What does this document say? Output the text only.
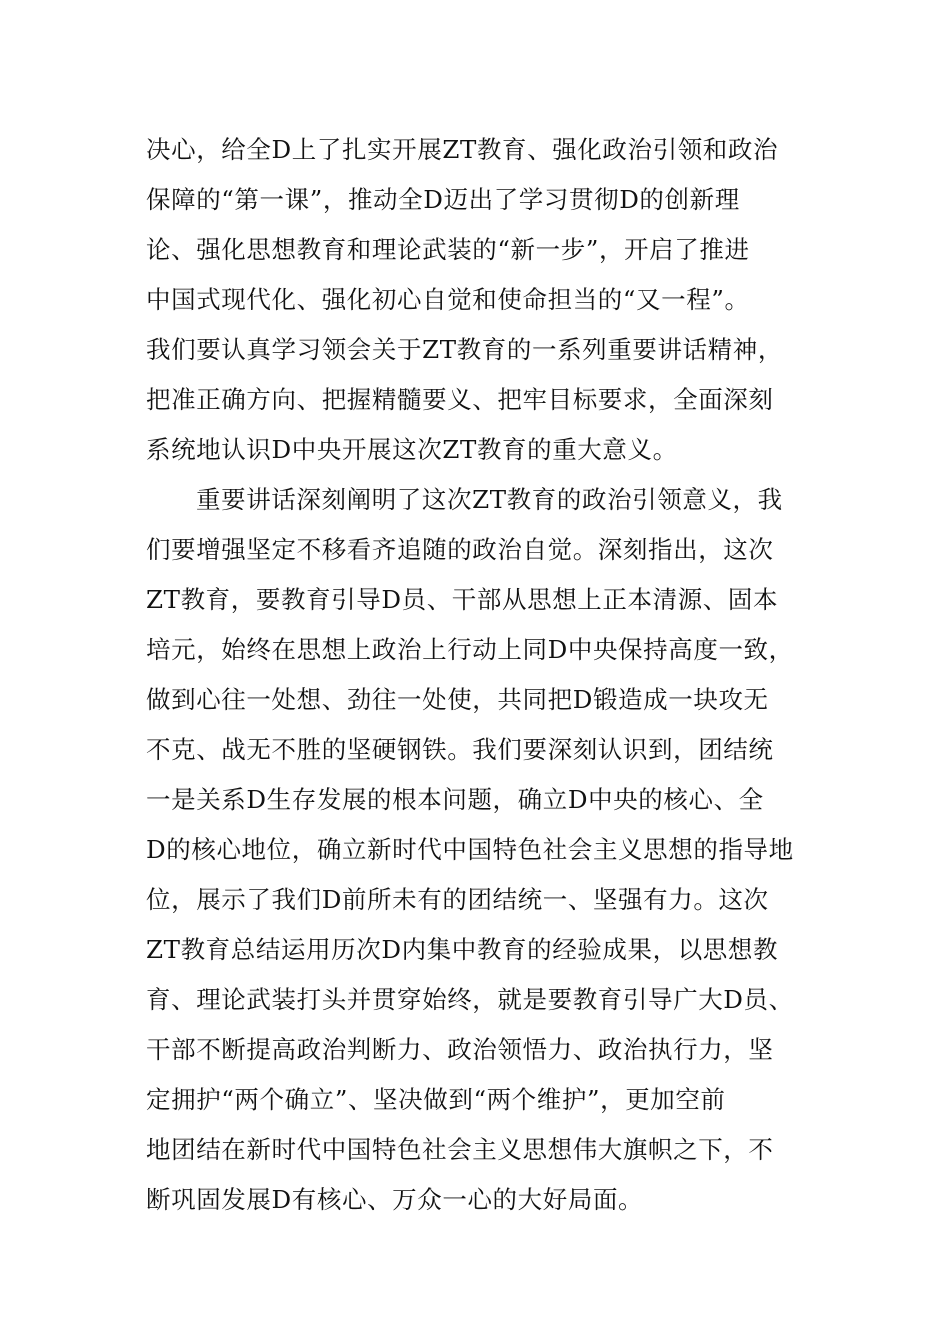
决心，给全D上了扎实开展ZT教育、强化政治引领和政治
保障的“第一课”，推动全D迈出了学习贯彻D的创新理
论、强化思想教育和理论武装的“新一步”，开启了推进
中国式现代化、强化初心自觉和使命担当的“又一程”。
我们要认真学习领会关于ZT教育的一系列重要讲话精神，
把准正确方向、把握精髓要义、把牢目标要求，全面深刻
系统地认识D中央开展这次ZT教育的重大意义。
重要讲话深刻阐明了这次ZT教育的政治引领意义，我
们要增强坚定不移看齐追随的政治自觉。深刻指出，这次
ZT教育，要教育引导D员、干部从思想上正本清源、固本
培元，始终在思想上政治上行动上同D中央保持高度一致，
做到心往一处想、劲往一处使，共同把D锻造成一块攻无
不克、战无不胜的坚硬钢铁。我们要深刻认识到，团结统
一是关系D生存发展的根本问题，确立D中央的核心、全
D的核心地位，确立新时代中国特色社会主义思想的指导地
位，展示了我们D前所未有的团结统一、坚强有力。这次
ZT教育总结运用历次D内集中教育的经验成果，以思想教
育、理论武装打头并贯穿始终，就是要教育引导广大D员、
干部不断提高政治判断力、政治领悟力、政治执行力，坚
定拥护“两个确立”、坚决做到“两个维护”，更加空前
地团结在新时代中国特色社会主义思想伟大旗帜之下，不
断巩固发展D有核心、万众一心的大好局面。
